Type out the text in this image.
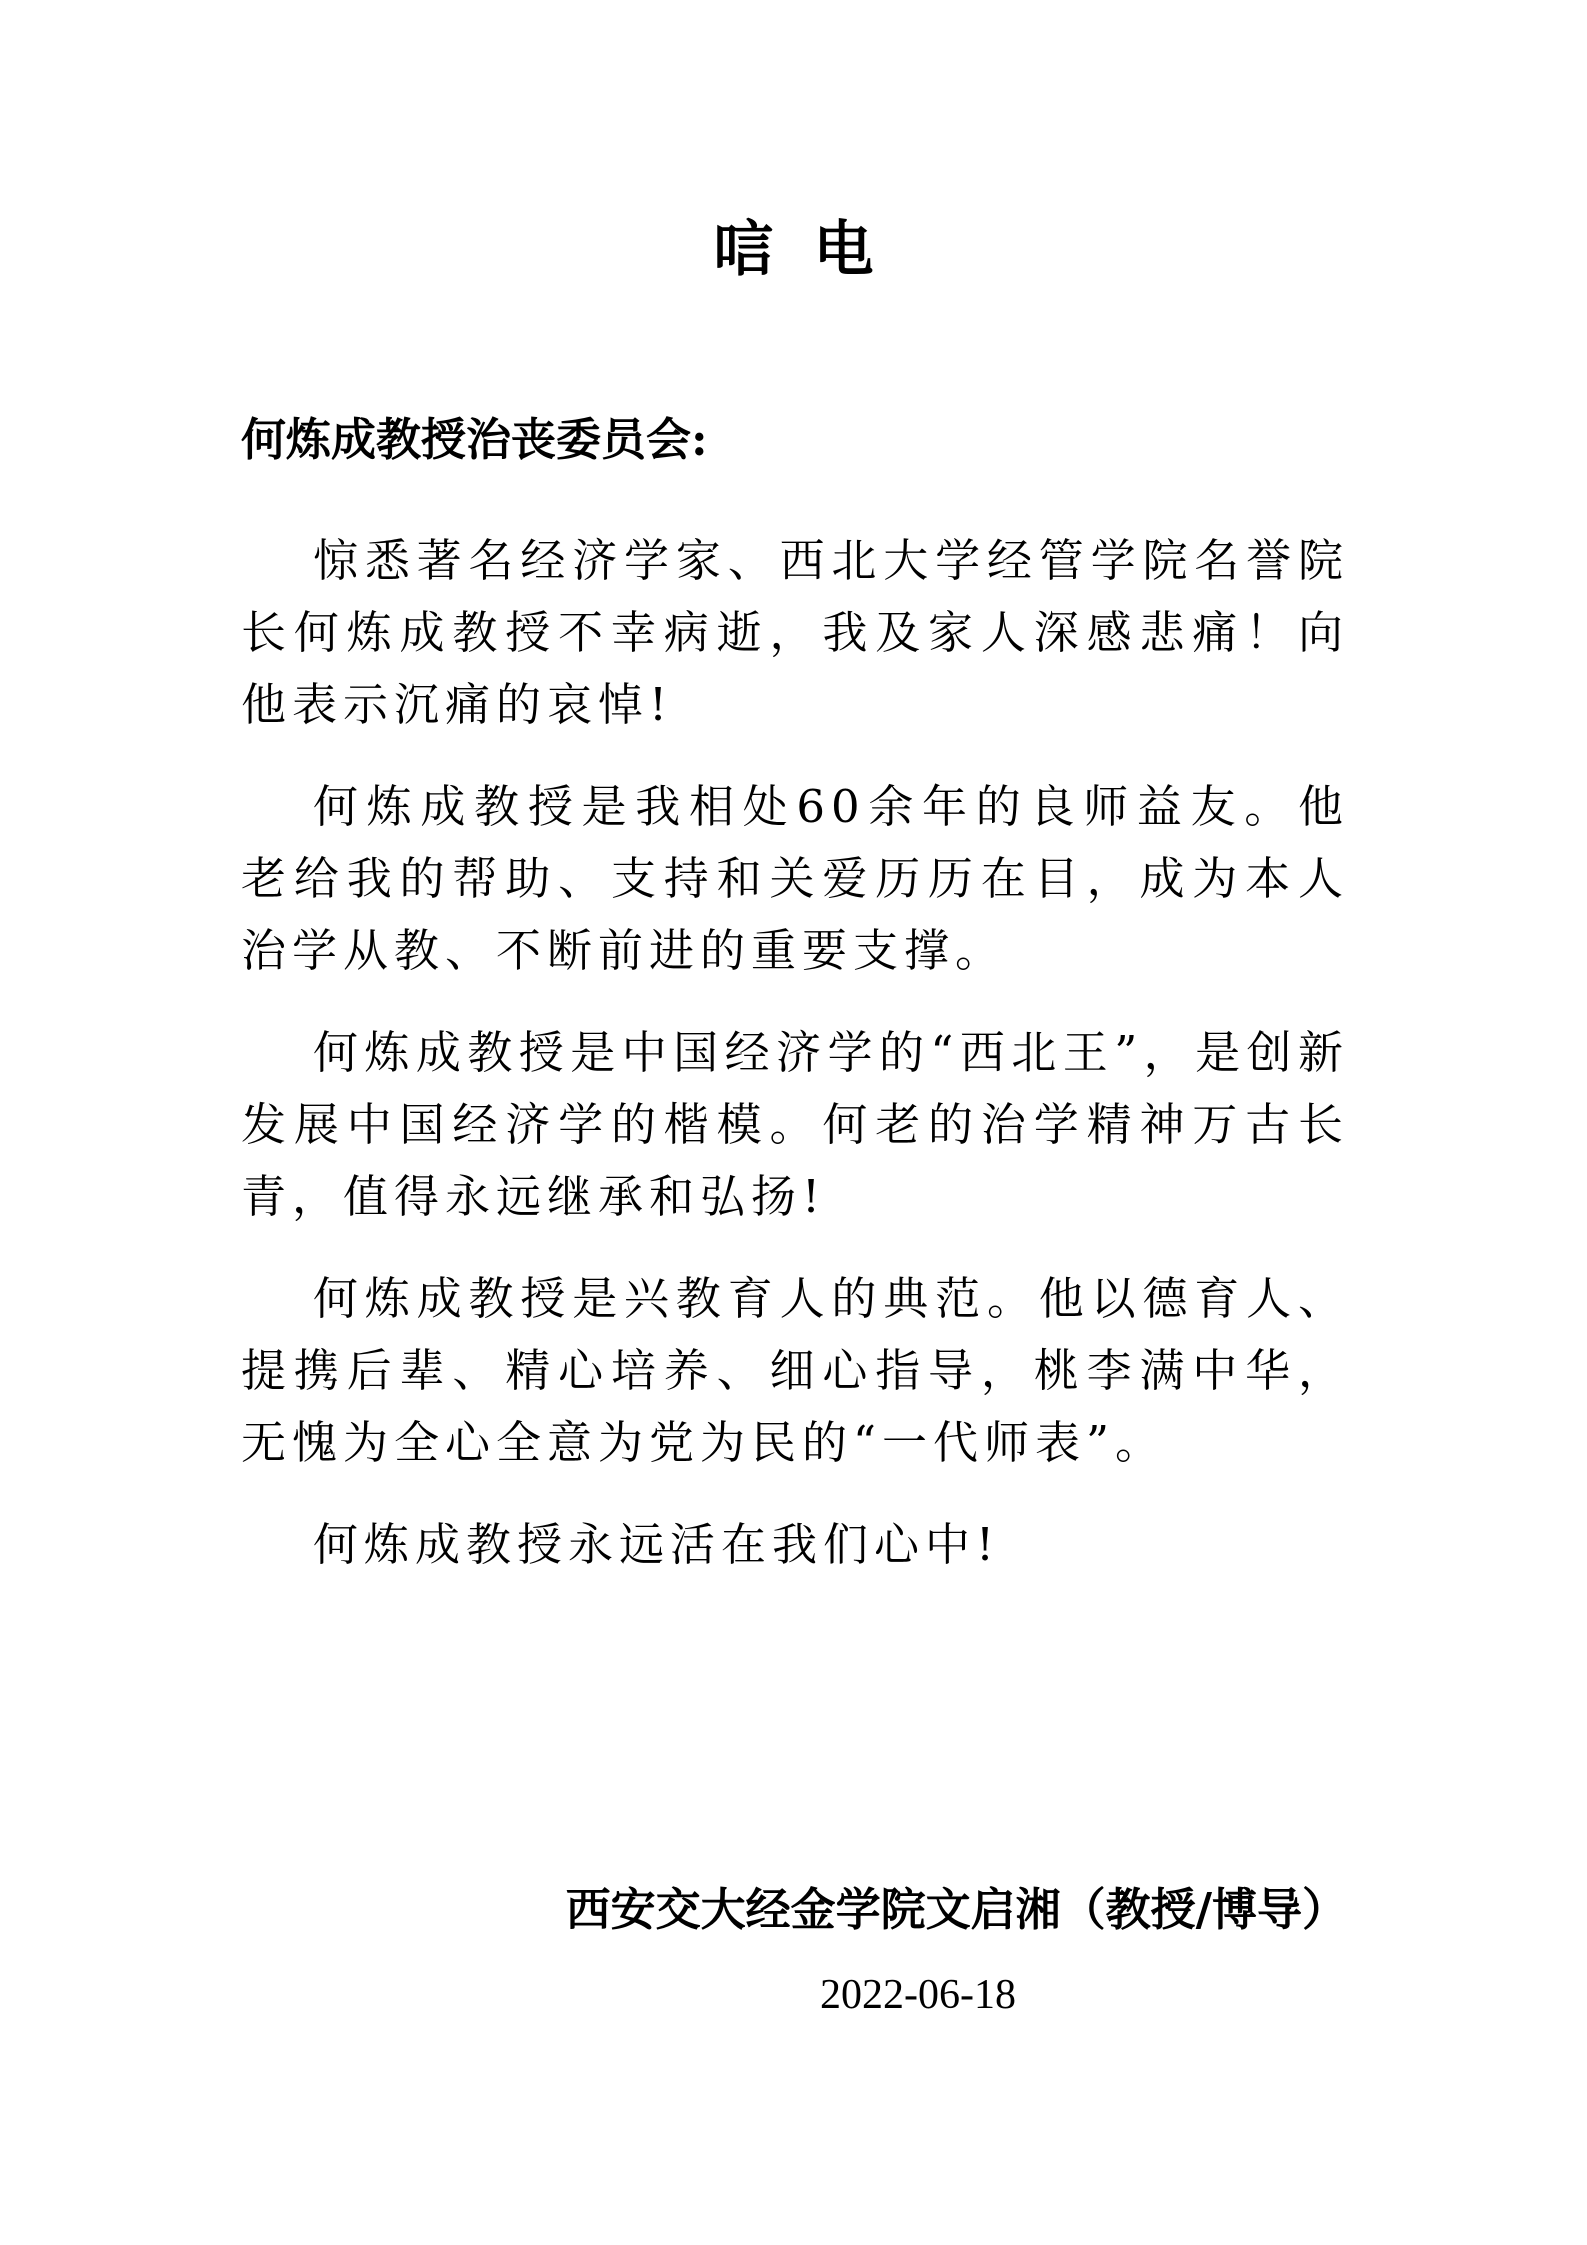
唁电
何炼成教授治丧委员会:

惊悉著名经济学家、西北大学经管学院名誉院长何炼成教授不幸病逝，我及家人深感悲痛！向他表示沉痛的哀悼!

何炼成教授是我相处60余年的良师益友。他老给我的帮助、支持和关爱历历在目，成为本人治学从教、不断前进的重要支撑。

何炼成教授是中国经济学的“西北王”，是创新发展中国经济学的楷模。何老的治学精神万古长青，值得永远继承和弘扬!

何炼成教授是兴教育人的典范。他以德育人、提携后辈、精心培养、细心指导，桃李满中华，无愧为全心全意为党为民的“一代师表”。

何炼成教授永远活在我们心中!

西安交大经金学院文启湘（教授/博导）
2022-06-18
